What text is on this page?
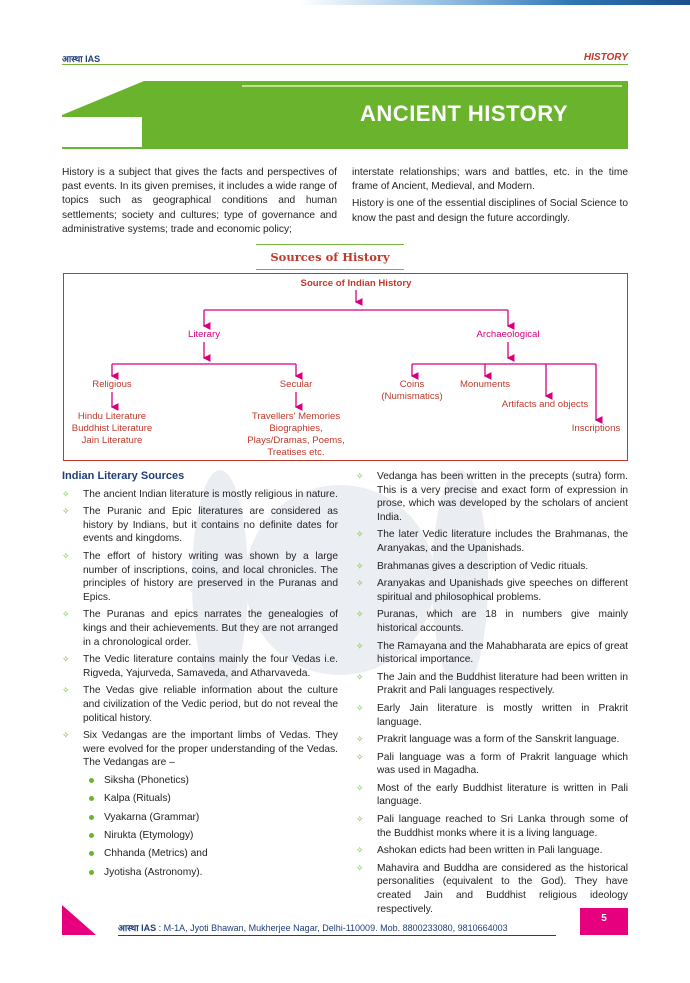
आस्था IAS	HISTORY
ANCIENT HISTORY

History is a subject that gives the facts and perspectives of past events. In its given premises, it includes a wide range of topics such as geographical conditions and human settlements; society and cultures; type of governance and administrative systems; trade and economic policy;

interstate relationships; wars and battles, etc. in the time frame of Ancient, Medieval, and Modern.

History is one of the essential disciplines of Social Science to know the past and design the future accordingly.

Sources of History
Source of Indian History
Literary	Archaeological
Religious	Secular
Hindu Literature
Buddhist Literature
Jain Literature
Travellers' Memories
Biographies,
Plays/Dramas, Poems,
Treatises etc.
Coins
(Numismatics)
Monuments
Artifacts and objects
Inscriptions
Indian Literary Sources
✧ The ancient Indian literature is mostly religious in nature.
✧ The Puranic and Epic literatures are considered as history by Indians, but it contains no definite dates for events and kingdoms.
✧ The effort of history writing was shown by a large number of inscriptions, coins, and local chronicles. The principles of history are preserved in the Puranas and Epics.
✧ The Puranas and epics narrates the genealogies of kings and their achievements. But they are not arranged in a chronological order.
✧ The Vedic literature contains mainly the four Vedas i.e. Rigveda, Yajurveda, Samaveda, and Atharvaveda.
✧ The Vedas give reliable information about the culture and civilization of the Vedic period, but do not reveal the political history.
✧ Six Vedangas are the important limbs of Vedas. They were evolved for the proper understanding of the Vedas. The Vedangas are –
Siksha (Phonetics)
Kalpa (Rituals)
Vyakarna (Grammar)
Nirukta (Etymology)
Chhanda (Metrics) and
Jyotisha (Astronomy).
✧ Vedanga has been written in the precepts (sutra) form. This is a very precise and exact form of expression in prose, which was developed by the scholars of ancient India.
✧ The later Vedic literature includes the Brahmanas, the Aranyakas, and the Upanishads.
✧ Brahmanas gives a description of Vedic rituals.
✧ Aranyakas and Upanishads give speeches on different spiritual and philosophical problems.
✧ Puranas, which are 18 in numbers give mainly historical accounts.
✧ The Ramayana and the Mahabharata are epics of great historical importance.
✧ The Jain and the Buddhist literature had been written in Prakrit and Pali languages respectively.
✧ Early Jain literature is mostly written in Prakrit language.
✧ Prakrit language was a form of the Sanskrit language.
✧ Pali language was a form of Prakrit language which was used in Magadha.
✧ Most of the early Buddhist literature is written in Pali language.
✧ Pali language reached to Sri Lanka through some of the Buddhist monks where it is a living language.
✧ Ashokan edicts had been written in Pali language.
✧ Mahavira and Buddha are considered as the historical personalities (equivalent to the God). They have created Jain and Buddhist religious ideology respectively.
आस्था IAS : M-1A, Jyoti Bhawan, Mukherjee Nagar, Delhi-110009. Mob. 8800233080, 9810664003
5
